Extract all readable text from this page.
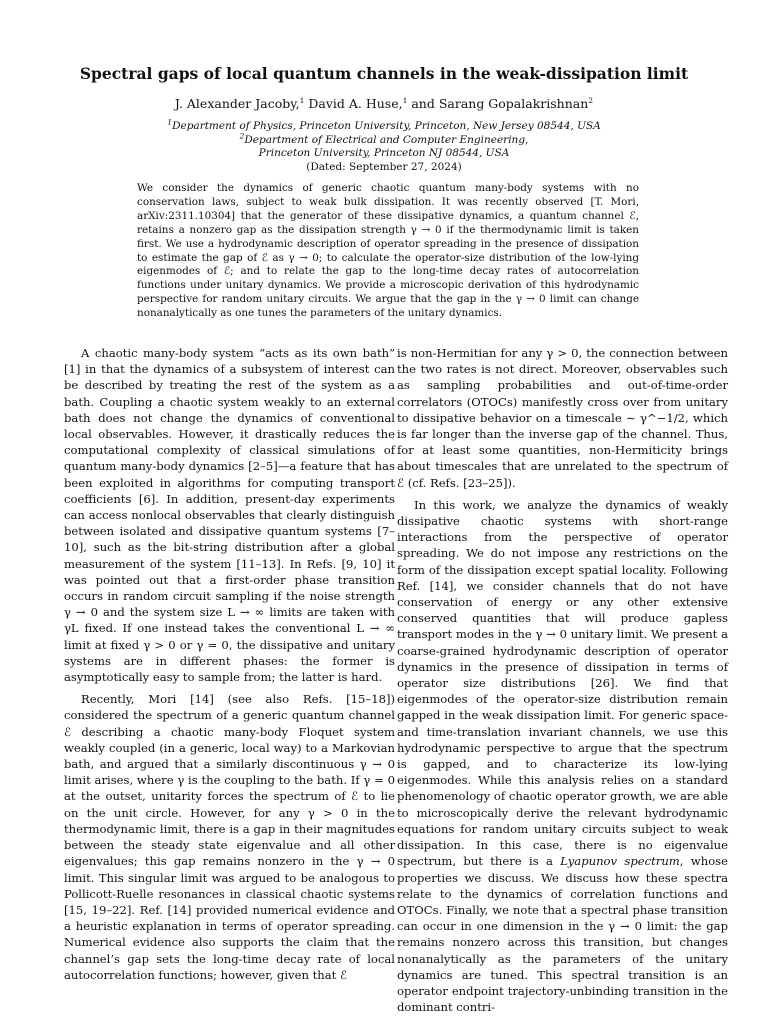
Spectral gaps of local quantum channels in the weak-dissipation limit
J. Alexander Jacoby,$^1$ David A. Huse,$^1$ and Sarang Gopalakrishnan$^2$
$^1$Department of Physics, Princeton University, Princeton, New Jersey 08544, USA
$^2$Department of Electrical and Computer Engineering,
Princeton University, Princeton NJ 08544, USA
(Dated: September 27, 2024)
We consider the dynamics of generic chaotic quantum many-body systems with no conservation laws, subject to weak bulk dissipation. It was recently observed [T. Mori, arXiv:2311.10304] that the generator of these dissipative dynamics, a quantum channel ℰ, retains a nonzero gap as the dissipation strength γ → 0 if the thermodynamic limit is taken first. We use a hydrodynamic description of operator spreading in the presence of dissipation to estimate the gap of ℰ as γ → 0; to calculate the operator-size distribution of the low-lying eigenmodes of ℰ; and to relate the gap to the long-time decay rates of autocorrelation functions under unitary dynamics. We provide a microscopic derivation of this hydrodynamic perspective for random unitary circuits. We argue that the gap in the γ → 0 limit can change nonanalytically as one tunes the parameters of the unitary dynamics.

A chaotic many-body system “acts as its own bath” [1] in that the dynamics of a subsystem of interest can be described by treating the rest of the system as a bath. Coupling a chaotic system weakly to an external bath does not change the dynamics of conventional local observables. However, it drastically reduces the computational complexity of classical simulations of quantum many-body dynamics [2–5]—a feature that has been exploited in algorithms for computing transport coefficients [6]. In addition, present-day experiments can access nonlocal observables that clearly distinguish between isolated and dissipative quantum systems [7–10], such as the bit-string distribution after a global measurement of the system [11–13]. In Refs. [9, 10] it was pointed out that a first-order phase transition occurs in random circuit sampling if the noise strength γ → 0 and the system size L → ∞ limits are taken with γL fixed. If one instead takes the conventional L → ∞ limit at fixed γ > 0 or γ = 0, the dissipative and unitary systems are in different phases: the former is asymptotically easy to sample from; the latter is hard.

Recently, Mori [14] (see also Refs. [15–18]) considered the spectrum of a generic quantum channel ℰ describing a chaotic many-body Floquet system weakly coupled (in a generic, local way) to a Markovian bath, and argued that a similarly discontinuous γ → 0 limit arises, where γ is the coupling to the bath. If γ = 0 at the outset, unitarity forces the spectrum of ℰ to lie on the unit circle. However, for any γ > 0 in the thermodynamic limit, there is a gap in their magnitudes between the steady state eigenvalue and all other eigenvalues; this gap remains nonzero in the γ → 0 limit. This singular limit was argued to be analogous to Pollicott-Ruelle resonances in classical chaotic systems [15, 19–22]. Ref. [14] provided numerical evidence and a heuristic explanation in terms of operator spreading. Numerical evidence also supports the claim that the channel’s gap sets the long-time decay rate of local autocorrelation functions; however, given that ℰ

is non-Hermitian for any γ > 0, the connection between the two rates is not direct. Moreover, observables such as sampling probabilities and out-of-time-order correlators (OTOCs) manifestly cross over from unitary to dissipative behavior on a timescale ∼ γ^−1/2, which is far longer than the inverse gap of the channel. Thus, for at least some quantities, non-Hermiticity brings about timescales that are unrelated to the spectrum of ℰ (cf. Refs. [23–25]).

In this work, we analyze the dynamics of weakly dissipative chaotic systems with short-range interactions from the perspective of operator spreading. We do not impose any restrictions on the form of the dissipation except spatial locality. Following Ref. [14], we consider channels that do not have conservation of energy or any other extensive conserved quantities that will produce gapless transport modes in the γ → 0 unitary limit. We present a coarse-grained hydrodynamic description of operator dynamics in the presence of dissipation in terms of operator size distributions [26]. We find that eigenmodes of the operator-size distribution remain gapped in the weak dissipation limit. For generic space- and time-translation invariant channels, we use this hydrodynamic perspective to argue that the spectrum is gapped, and to characterize its low-lying eigenmodes. While this analysis relies on a standard phenomenology of chaotic operator growth, we are able to microscopically derive the relevant hydrodynamic equations for random unitary circuits subject to weak dissipation. In this case, there is no eigenvalue spectrum, but there is a Lyapunov spectrum, whose properties we discuss. We discuss how these spectra relate to the dynamics of correlation functions and OTOCs. Finally, we note that a spectral phase transition can occur in one dimension in the γ → 0 limit: the gap remains nonzero across this transition, but changes nonanalytically as the parameters of the unitary dynamics are tuned. This spectral transition is an operator endpoint trajectory-unbinding transition in the dominant contri-
